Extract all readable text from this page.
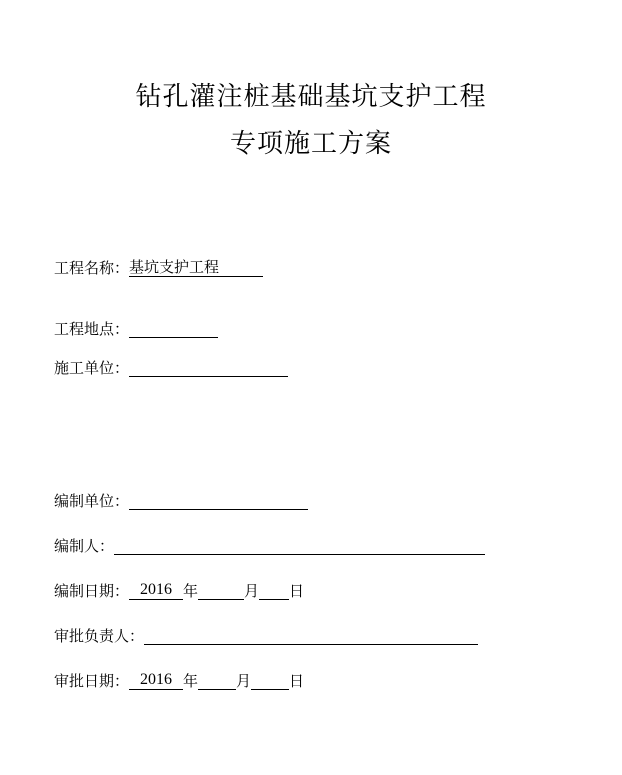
钻孔灌注桩基础基坑支护工程
专项施工方案
工程名称：基坑支护工程
工程地点：
施工单位：
编制单位：
编制人：
编制日期： 2016 年	月 日
审批负责人：
审批日期： 2016 年	月	日
